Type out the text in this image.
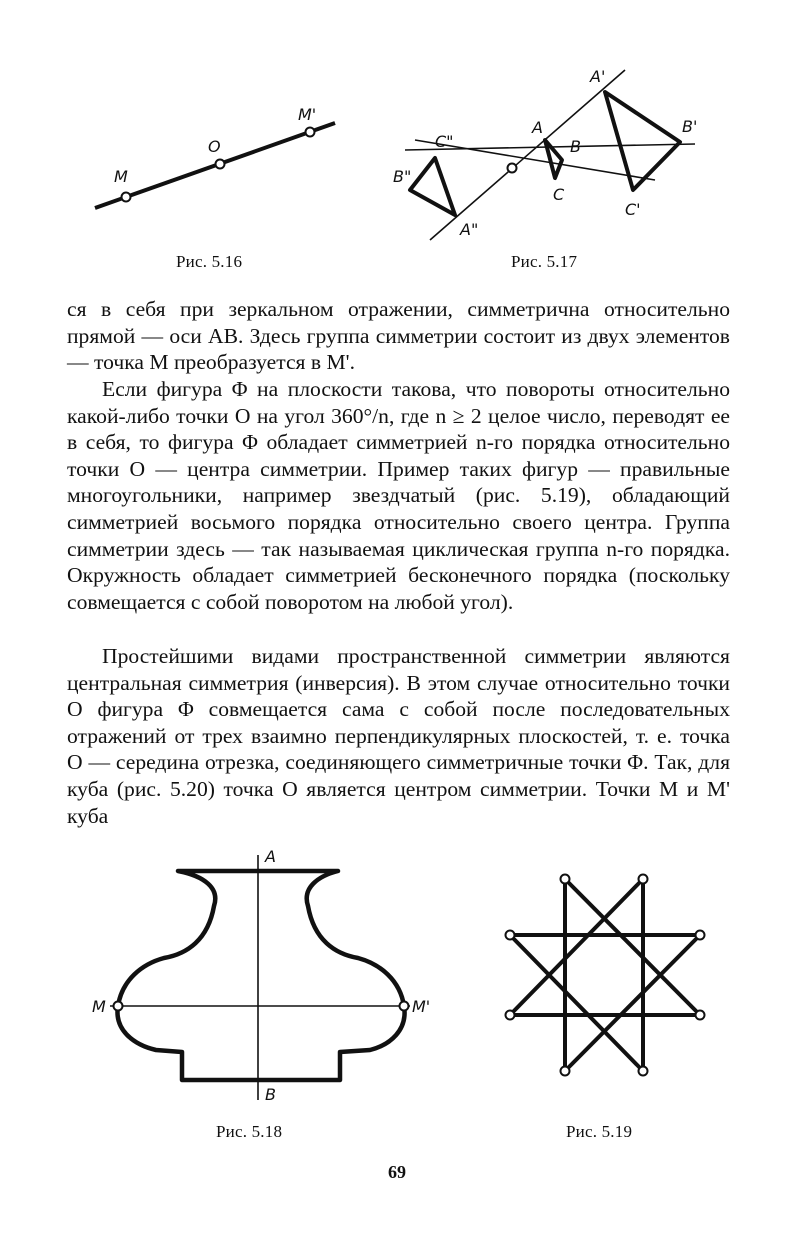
M
O
M'
Рис. 5.16
A
B
C
A'
B'
C'
A"
B"
C"
Рис. 5.17

ся в себя при зеркальном отражении, симметрична относительно прямой — оси AB. Здесь группа симметрии состоит из двух элементов — точка M преобразуется в M'.

Если фигура Φ на плоскости такова, что повороты относительно какой-либо точки O на угол 360°/n, где n ≥ 2 целое число, переводят ее в себя, то фигура Φ обладает симметрией n-го порядка относительно точки O — центра симметрии. Пример таких фигур — правильные многоугольники, например звездчатый (рис. 5.19), обладающий симметрией восьмого порядка относительно своего центра. Группа симметрии здесь — так называемая циклическая группа n-го порядка. Окружность обладает симметрией бесконечного порядка (поскольку совмещается с собой поворотом на любой угол).

Простейшими видами пространственной симметрии являются центральная симметрия (инверсия). В этом случае относительно точки O фигура Φ совмещается сама с собой после последовательных отражений от трех взаимно перпендикулярных плоскостей, т. е. точка O — середина отрезка, соединяющего симметричные точки Φ. Так, для куба (рис. 5.20) точка O является центром симметрии. Точки M и M' куба

A
B
M	M'
Рис. 5.18	Рис. 5.19
69
